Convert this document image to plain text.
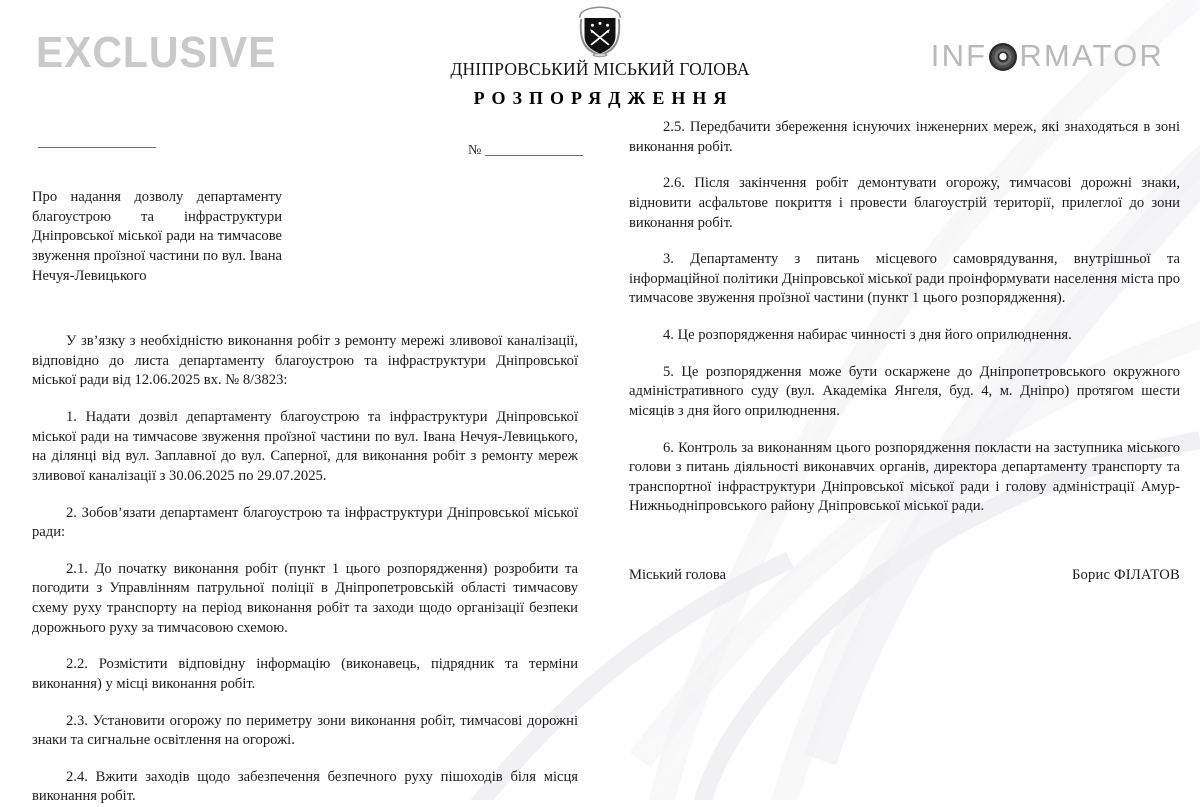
EXCLUSIVE	INF RMATOR
ДНІПРОВСЬКИЙ МІСЬКИЙ ГОЛОВА
РОЗПОРЯДЖЕННЯ
№
Про надання дозволу департаменту благоустрою та інфраструктури Дніпровської міської ради на тимчасове звуження проїзної частини по вул. Івана Нечуя-Левицького

У зв’язку з необхідністю виконання робіт з ремонту мережі зливової каналізації, відповідно до листа департаменту благоустрою та інфраструктури Дніпровської міської ради від 12.06.2025 вх. № 8/3823:

1. Надати дозвіл департаменту благоустрою та інфраструктури Дніпровської міської ради на тимчасове звуження проїзної частини по вул. Івана Нечуя-Левицького, на ділянці від вул. Заплавної до вул. Саперної, для виконання робіт з ремонту мереж зливової каналізації з 30.06.2025 по 29.07.2025.

2. Зобов’язати департамент благоустрою та інфраструктури Дніпровської міської ради:

2.1. До початку виконання робіт (пункт 1 цього розпорядження) розробити та погодити з Управлінням патрульної поліції в Дніпропетровській області тимчасову схему руху транспорту на період виконання робіт та заходи щодо організації безпеки дорожнього руху за тимчасовою схемою.

2.2. Розмістити відповідну інформацію (виконавець, підрядник та терміни виконання) у місці виконання робіт.

2.3. Установити огорожу по периметру зони виконання робіт, тимчасові дорожні знаки та сигнальне освітлення на огорожі.

2.4. Вжити заходів щодо забезпечення безпечного руху пішоходів біля місця виконання робіт.

2.5. Передбачити збереження існуючих інженерних мереж, які знаходяться в зоні виконання робіт.

2.6. Після закінчення робіт демонтувати огорожу, тимчасові дорожні знаки, відновити асфальтове покриття і провести благоустрій території, прилеглої до зони виконання робіт.

3. Департаменту з питань місцевого самоврядування, внутрішньої та інформаційної політики Дніпровської міської ради проінформувати населення міста про тимчасове звуження проїзної частини (пункт 1 цього розпорядження).

4. Це розпорядження набирає чинності з дня його оприлюднення.

5. Це розпорядження може бути оскаржене до Дніпропетровського окружного адміністративного суду (вул. Академіка Янгеля, буд. 4, м. Дніпро) протягом шести місяців з дня його оприлюднення.

6. Контроль за виконанням цього розпорядження покласти на заступника міського голови з питань діяльності виконавчих органів, директора департаменту транспорту та транспортної інфраструктури Дніпровської міської ради і голову адміністрації Амур-Нижньодніпровського району Дніпровської міської ради.

Міський голова	Борис ФІЛАТОВ
